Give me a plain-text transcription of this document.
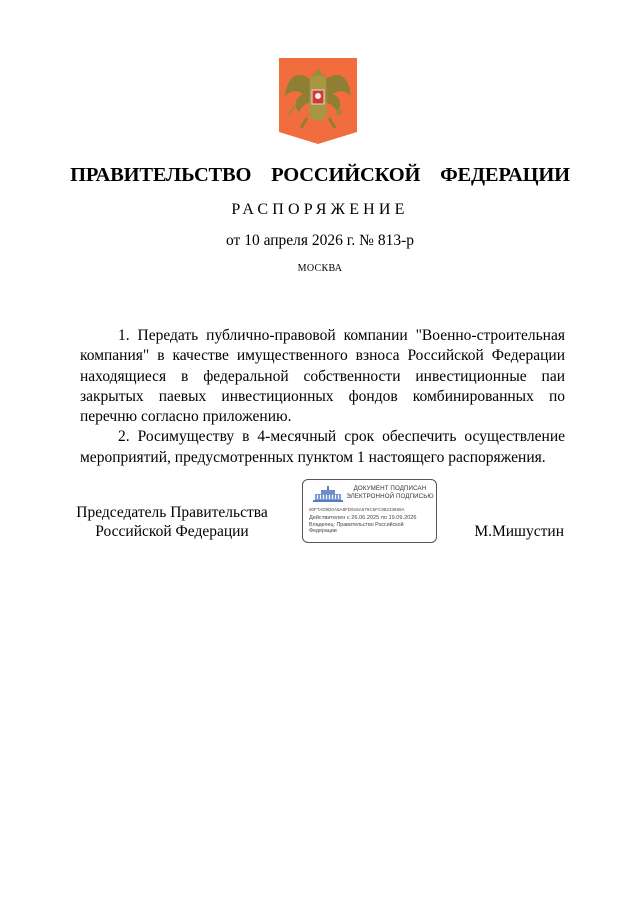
ПРАВИТЕЛЬСТВО  РОССИЙСКОЙ  ФЕДЕРАЦИИ
РАСПОРЯЖЕНИЕ
от 10 апреля 2026 г. № 813-р
МОСКВА

1. Передать публично-правовой компании "Военно-строительная компания" в качестве имущественного взноса Российской Федерации находящиеся в федеральной собственности инвестиционные паи закрытых паевых инвестиционных фондов комбинированных по перечню согласно приложению.

2. Росимуществу в 4-месячный срок обеспечить осуществление мероприятий, предусмотренных пунктом 1 настоящего распоряжения.

Председатель Правительства
Российской Федерации
ДОКУМЕНТ ПОДПИСАН
ЭЛЕКТРОННОЙ ПОДПИСЬЮ
00FTAD9D0A5A8FD915A579C5FC98233865A
Действителен с 26.06.2025 по 19.09.2026
Владелец: Правительство Российской
Федерации	М.Мишустин
